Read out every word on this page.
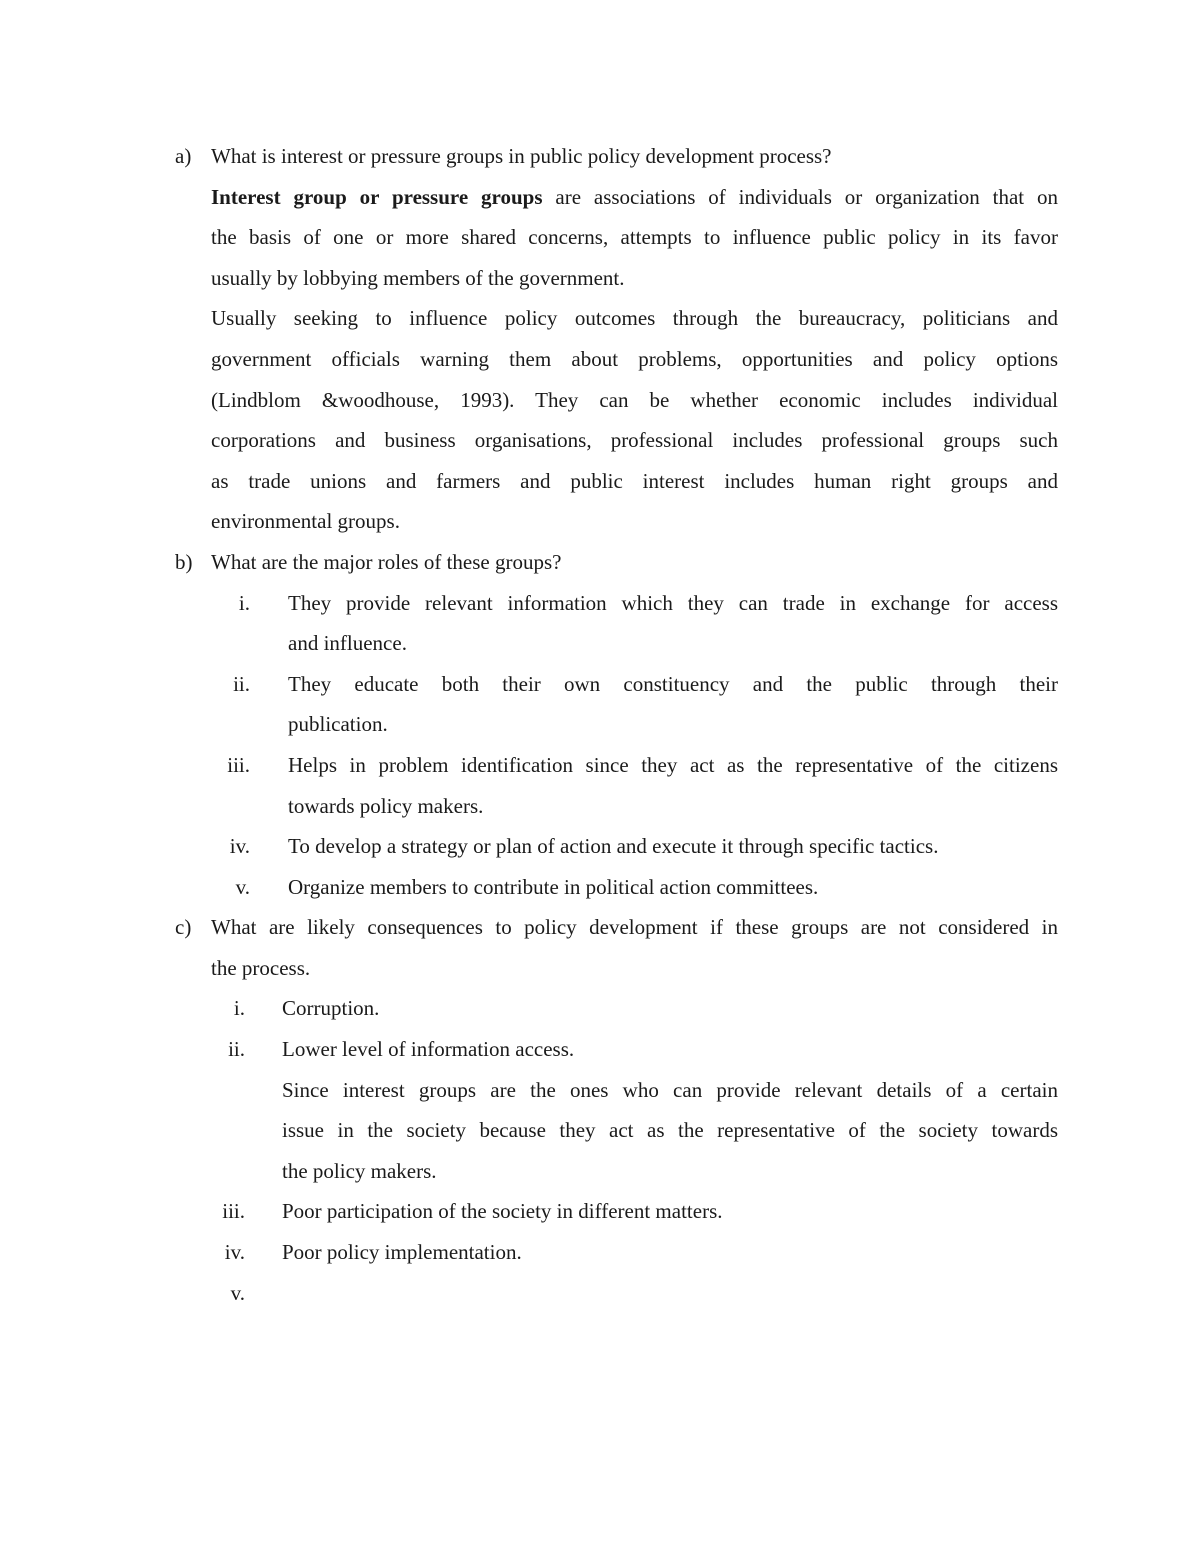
a) What is interest or pressure groups in public policy development process?
Interest group or pressure groups are associations of individuals or organization that on
the basis of one or more shared concerns, attempts to influence public policy in its favor
usually by lobbying members of the government.
Usually seeking to influence policy outcomes through the bureaucracy, politicians and
government officials warning them about problems, opportunities and policy options
(Lindblom &woodhouse, 1993). They can be whether economic includes individual
corporations and business organisations, professional includes professional groups such
as trade unions and farmers and public interest includes human right groups and
environmental groups.
b) What are the major roles of these groups?
i. They provide relevant information which they can trade in exchange for access
and influence.
ii. They educate both their own constituency and the public through their
publication.
iii. Helps in problem identification since they act as the representative of the citizens
towards policy makers.
iv. To develop a strategy or plan of action and execute it through specific tactics.
v. Organize members to contribute in political action committees.
c) What are likely consequences to policy development if these groups are not considered in
the process.
i. Corruption.
ii. Lower level of information access.
Since interest groups are the ones who can provide relevant details of a certain
issue in the society because they act as the representative of the society towards
the policy makers.
iii. Poor participation of the society in different matters.
iv. Poor policy implementation.
v.
